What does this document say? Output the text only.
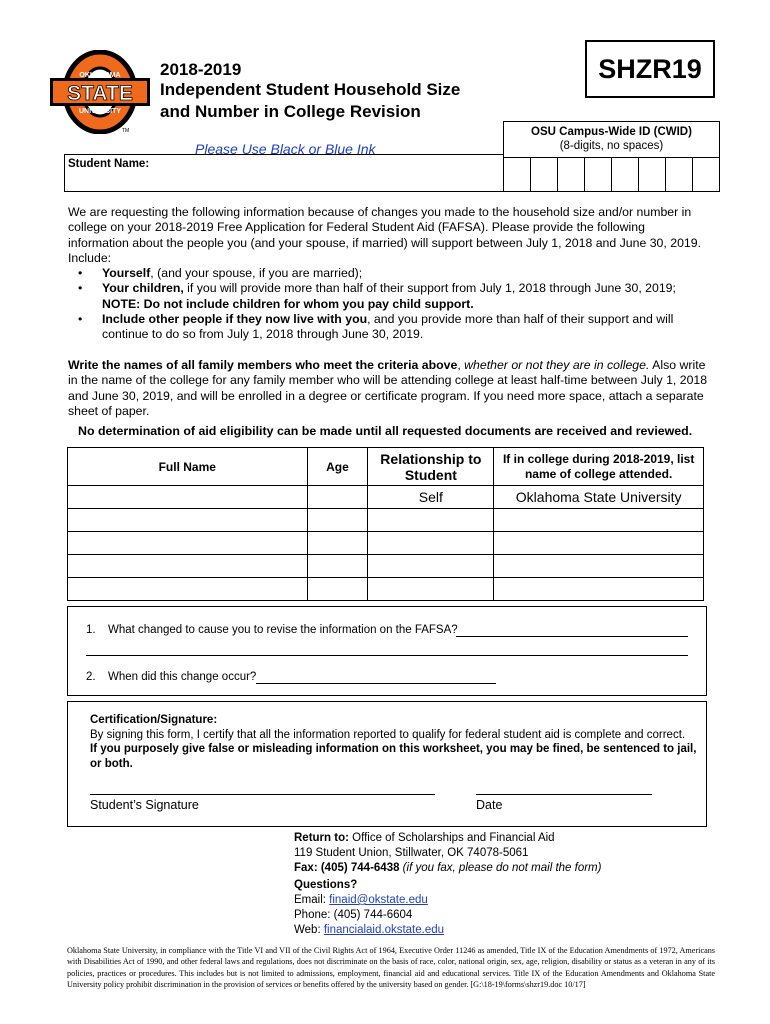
OKLAHOMA
STATE
UNIVERSITY
TM
2018-2019
Independent Student Household Size
and Number in College Revision
SHZR19
Please Use Black or Blue Ink
OSU Campus-Wide ID (CWID)
(8-digits, no spaces)
Student Name:
We are requesting the following information because of changes you made to the household size and/or number in college on your 2018-2019 Free Application for Federal Student Aid (FAFSA). Please provide the following information about the people you (and your spouse, if married) will support between July 1, 2018 and June 30, 2019. Include:
• Yourself, (and your spouse, if you are married);
• Your children, if you will provide more than half of their support from July 1, 2018 through June 30, 2019;
NOTE: Do not include children for whom you pay child support.
• Include other people if they now live with you, and you provide more than half of their support and will continue to do so from July 1, 2018 through June 30, 2019.
Write the names of all family members who meet the criteria above, whether or not they are in college. Also write in the name of the college for any family member who will be attending college at least half-time between July 1, 2018 and June 30, 2019, and will be enrolled in a degree or certificate program. If you need more space, attach a separate sheet of paper.
No determination of aid eligibility can be made until all requested documents are received and reviewed.
Full Name	Age	Relationship to Student	If in college during 2018-2019, list name of college attended.
		Self	Oklahoma State University

1. What changed to cause you to revise the information on the FAFSA?
2. When did this change occur?
Certification/Signature:
By signing this form, I certify that all the information reported to qualify for federal student aid is complete and correct.
If you purposely give false or misleading information on this worksheet, you may be fined, be sentenced to jail, or both.
Student’s Signature	Date
Return to: Office of Scholarships and Financial Aid
119 Student Union, Stillwater, OK 74078-5061
Fax: (405) 744-6438 (if you fax, please do not mail the form)
Questions?
Email: finaid@okstate.edu
Phone: (405) 744-6604
Web: financialaid.okstate.edu
Oklahoma State University, in compliance with the Title VI and VII of the Civil Rights Act of 1964, Executive Order 11246 as amended, Title IX of the Education Amendments of 1972, Americans with Disabilities Act of 1990, and other federal laws and regulations, does not discriminate on the basis of race, color, national origin, sex, age, religion, disability or status as a veteran in any of its policies, practices or procedures. This includes but is not limited to admissions, employment, financial aid and educational services. Title IX of the Education Amendments and Oklahoma State University policy prohibit discrimination in the provision of services or benefits offered by the university based on gender. [G:\18-19\forms\shzr19.doc 10/17]
